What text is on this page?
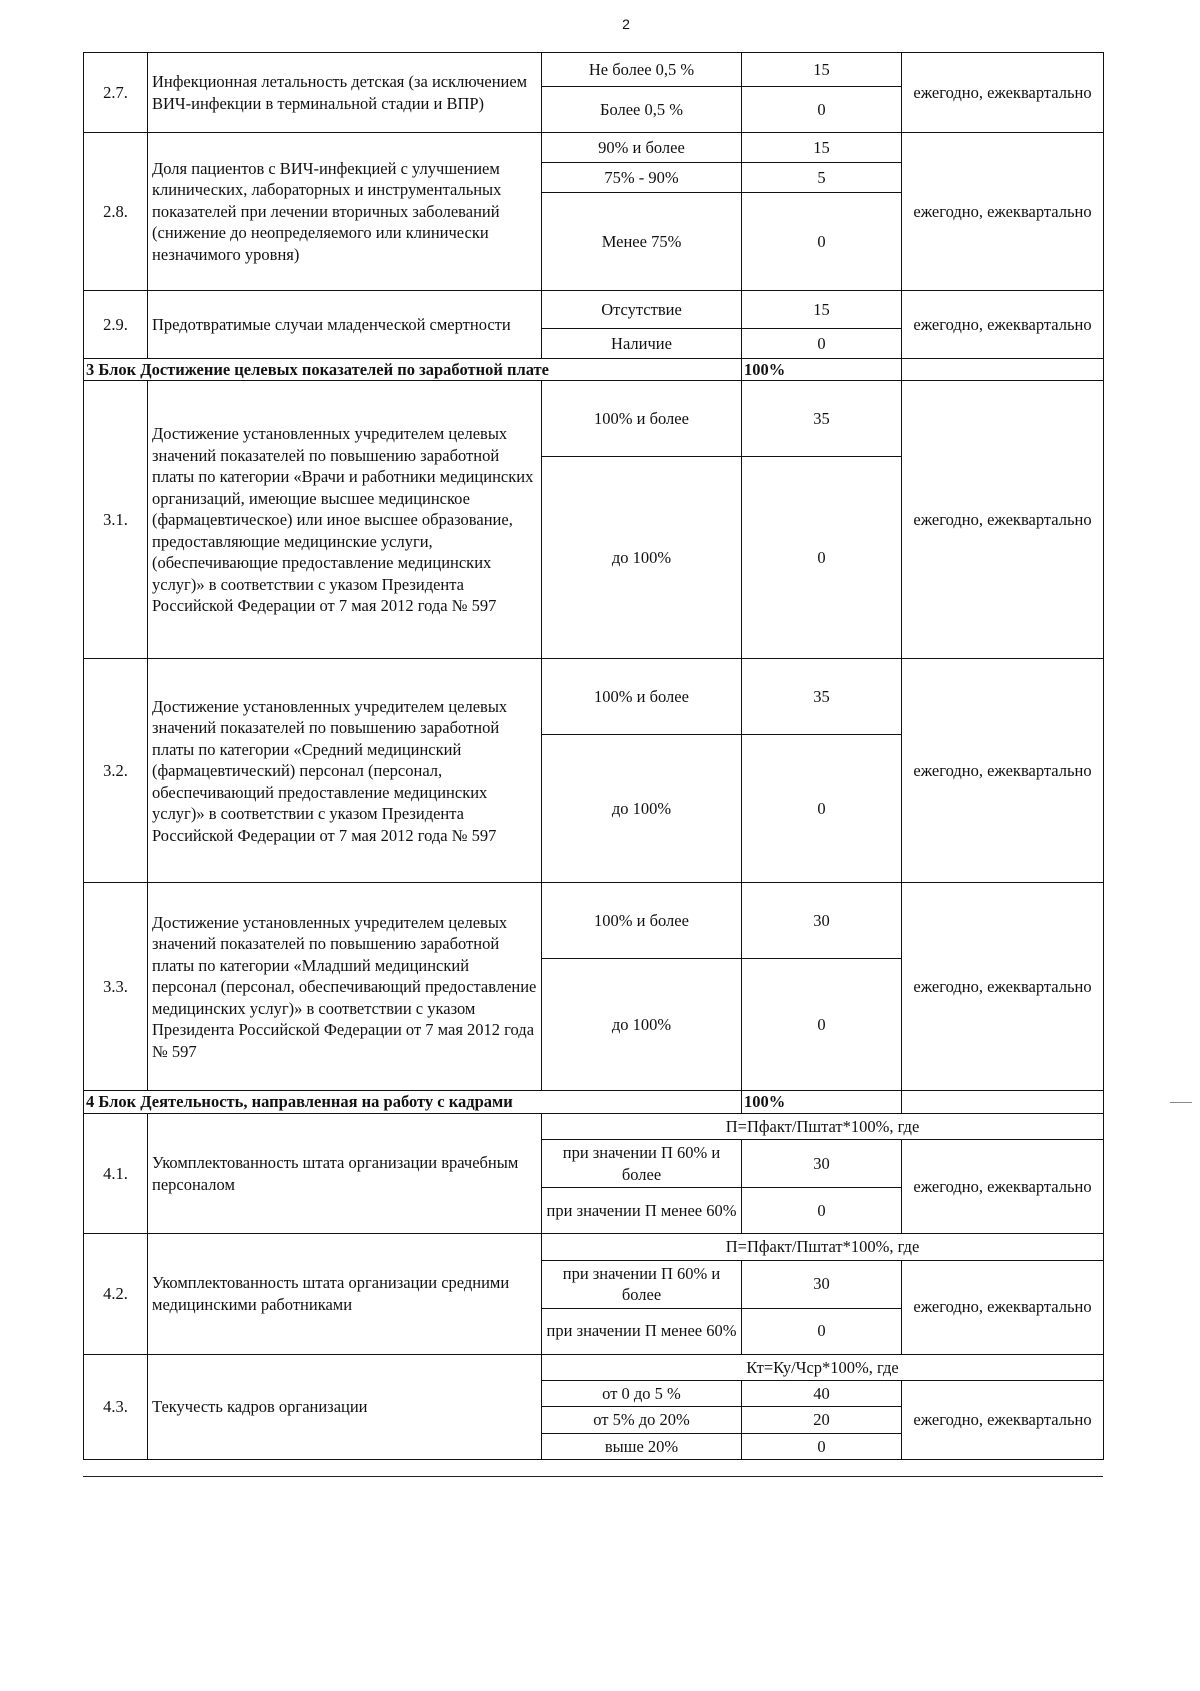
2
2.7.	Инфекционная летальность детская (за исключением ВИЧ-инфекции в терминальной стадии и ВПР)	Не более 0,5 %	15	ежегодно, ежеквартально
		Более 0,5 %	0	
2.8.	Доля пациентов с ВИЧ-инфекцией с улучшением клинических, лабораторных и инструментальных показателей при лечении вторичных заболеваний (снижение до неопределяемого или клинически незначимого уровня)	90% и более	15	ежегодно, ежеквартально
		75% - 90%	5	
		Менее 75%	0	
2.9.	Предотвратимые случаи младенческой смертности	Отсутствие	15	ежегодно, ежеквартально
		Наличие	0	
3 Блок Достижение целевых показателей по заработной плате			100%	
3.1.	Достижение установленных учредителем целевых значений показателей по повышению заработной платы по категории «Врачи и работники медицинских организаций, имеющие высшее медицинское (фармацевтическое) или иное высшее образование, предоставляющие медицинские услуги, (обеспечивающие предоставление медицинских услуг)» в соответствии с указом Президента Российской Федерации от 7 мая 2012 года № 597	100% и более	35	ежегодно, ежеквартально
		до 100%	0	
3.2.	Достижение установленных учредителем целевых значений показателей по повышению заработной платы по категории «Средний медицинский (фармацевтический) персонал (персонал, обеспечивающий предоставление медицинских услуг)» в соответствии с указом Президента Российской Федерации от 7 мая 2012 года № 597	100% и более	35	ежегодно, ежеквартально
		до 100%	0	
3.3.	Достижение установленных учредителем целевых значений показателей по повышению заработной платы по категории «Младший медицинский персонал (персонал, обеспечивающий предоставление медицинских услуг)» в соответствии с указом Президента Российской Федерации от 7 мая 2012 года № 597	100% и более	30	ежегодно, ежеквартально
		до 100%	0	
4 Блок Деятельность, направленная на работу с кадрами			100%	
4.1.	Укомплектованность штата организации врачебным персоналом	П=Пфакт/Пштат*100%, где		
		при значении П 60% и более	30	ежегодно, ежеквартально
		при значении П менее 60%	0	
4.2.	Укомплектованность штата организации средними медицинскими работниками	П=Пфакт/Пштат*100%, где		
		при значении П 60% и более	30	ежегодно, ежеквартально
		при значении П менее 60%	0	
4.3.	Текучесть кадров организации	Кт=Ку/Чср*100%, где		
		от 0 до 5 %	40	ежегодно, ежеквартально
		от 5% до 20%	20	
		выше 20%	0	
